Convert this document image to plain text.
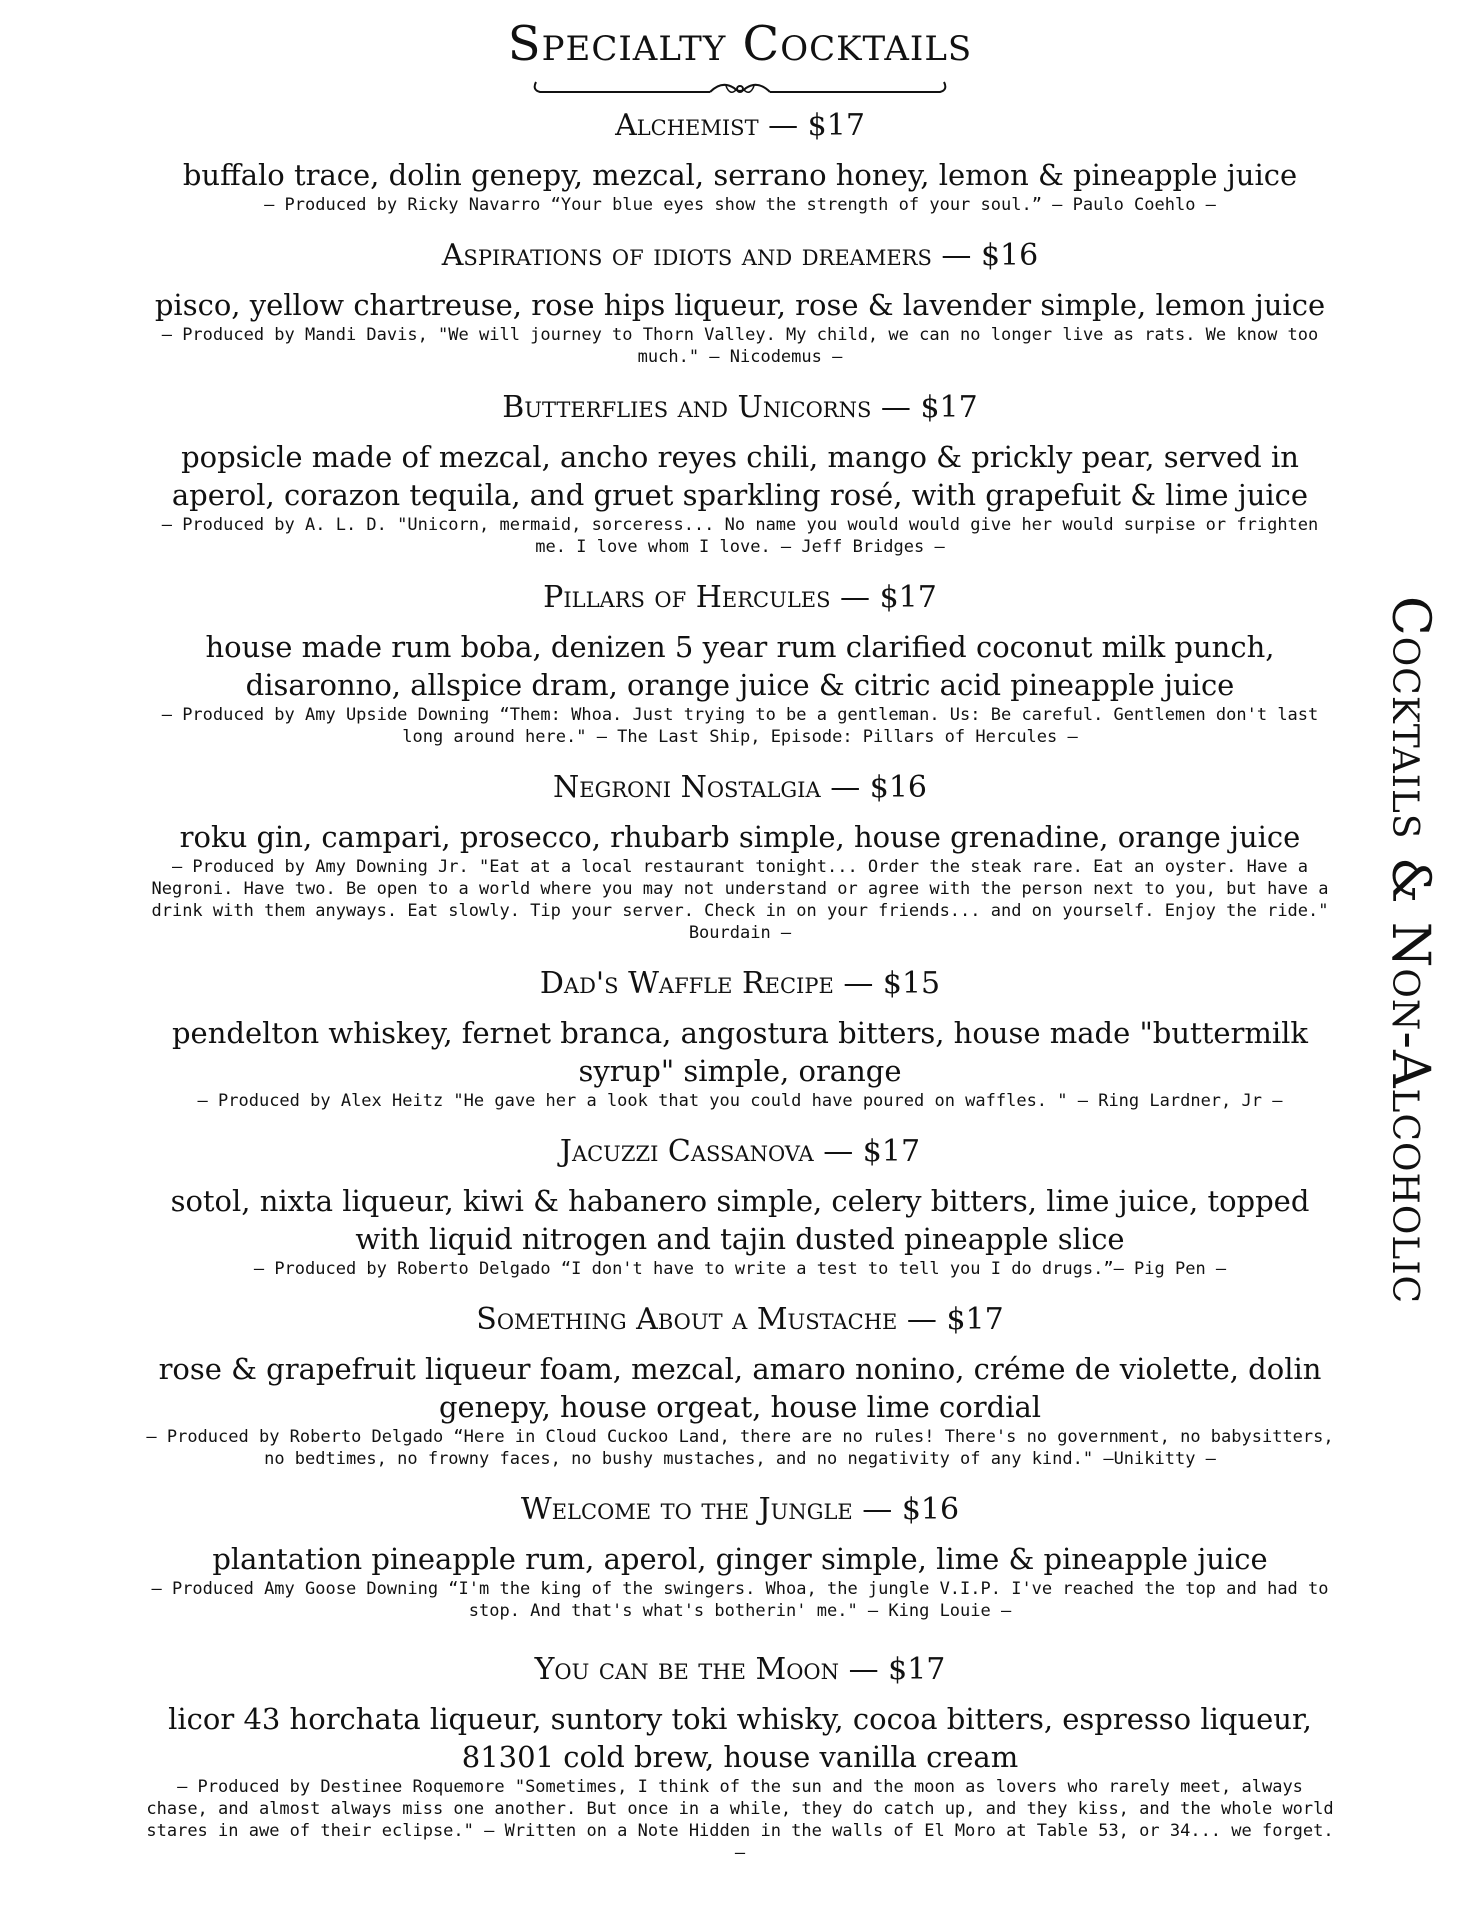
Specialty Cocktails
Alchemist — $17

buffalo trace, dolin genepy, mezcal, serrano honey, lemon & pineapple juice

– Produced by Ricky Navarro “Your blue eyes show the strength of your soul.” – Paulo Coehlo –

Aspirations of idiots and dreamers — $16

pisco, yellow chartreuse, rose hips liqueur, rose & lavender simple, lemon juice

– Produced by Mandi Davis, "We will journey to Thorn Valley. My child, we can no longer live as rats. We know too much." – Nicodemus –

Butterflies and Unicorns — $17

popsicle made of mezcal, ancho reyes chili, mango & prickly pear, served in aperol, corazon tequila, and gruet sparkling rosé, with grapefuit & lime juice

– Produced by A. L. D. "Unicorn, mermaid, sorceress... No name you would would give her would surpise or frighten me. I love whom I love. – Jeff Bridges –

Pillars of Hercules — $17

house made rum boba, denizen 5 year rum clarified coconut milk punch, disaronno, allspice dram, orange juice & citric acid pineapple juice

– Produced by Amy Upside Downing “Them: Whoa. Just trying to be a gentleman. Us: Be careful. Gentlemen don't last long around here." – The Last Ship, Episode: Pillars of Hercules –

Negroni Nostalgia — $16

roku gin, campari, prosecco, rhubarb simple, house grenadine, orange juice

– Produced by Amy Downing Jr. "Eat at a local restaurant tonight... Order the steak rare. Eat an oyster. Have a Negroni. Have two. Be open to a world where you may not understand or agree with the person next to you, but have a drink with them anyways. Eat slowly. Tip your server. Check in on your friends... and on yourself. Enjoy the ride." Bourdain –

Dad's Waffle Recipe — $15

pendelton whiskey, fernet branca, angostura bitters, house made "buttermilk syrup" simple, orange

– Produced by Alex Heitz "He gave her a look that you could have poured on waffles. " – Ring Lardner, Jr –

Jacuzzi Cassanova — $17

sotol, nixta liqueur, kiwi & habanero simple, celery bitters, lime juice, topped with liquid nitrogen and tajin dusted pineapple slice

– Produced by Roberto Delgado “I don't have to write a test to tell you I do drugs.”– Pig Pen –

Something About a Mustache — $17

rose & grapefruit liqueur foam, mezcal, amaro nonino, créme de violette, dolin genepy, house orgeat, house lime cordial

– Produced by Roberto Delgado “Here in Cloud Cuckoo Land, there are no rules! There's no government, no babysitters, no bedtimes, no frowny faces, no bushy mustaches, and no negativity of any kind." –Unikitty –

Welcome to the Jungle — $16

plantation pineapple rum, aperol, ginger simple, lime & pineapple juice

– Produced Amy Goose Downing “I'm the king of the swingers. Whoa, the jungle V.I.P. I've reached the top and had to stop. And that's what's botherin' me." – King Louie –

You can be the Moon — $17

licor 43 horchata liqueur, suntory toki whisky, cocoa bitters, espresso liqueur, 81301 cold brew, house vanilla cream

– Produced by Destinee Roquemore "Sometimes, I think of the sun and the moon as lovers who rarely meet, always chase, and almost always miss one another. But once in a while, they do catch up, and they kiss, and the whole world stares in awe of their eclipse." – Written on a Note Hidden in the walls of El Moro at Table 53, or 34... we forget. –

Cocktails & Non-Alcoholic
